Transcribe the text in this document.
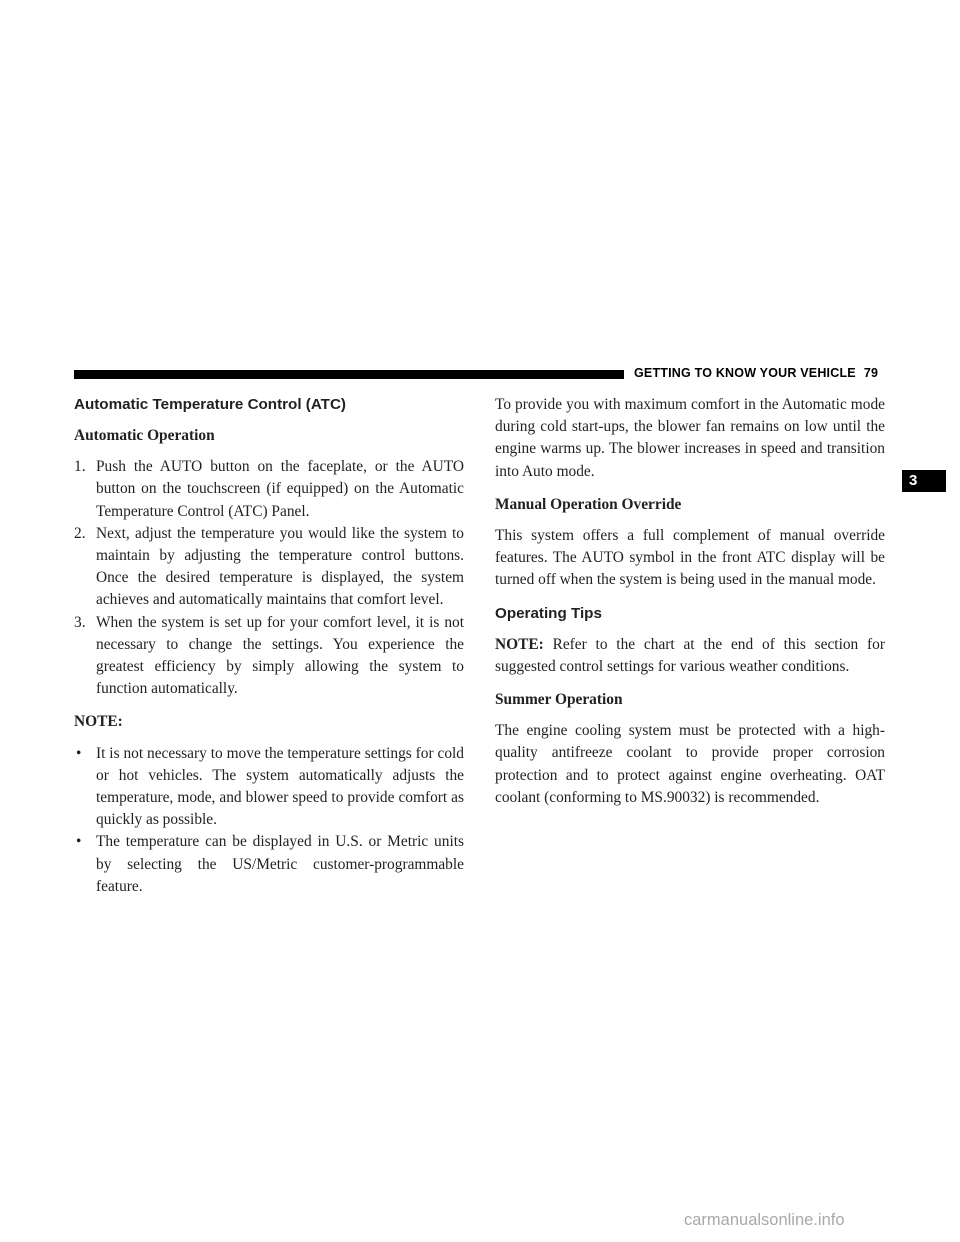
GETTING TO KNOW YOUR VEHICLE 79
3
Automatic Temperature Control (ATC)
Automatic Operation

1. Push the AUTO button on the faceplate, or the AUTO button on the touchscreen (if equipped) on the Automatic Temperature Control (ATC) Panel.

2. Next, adjust the temperature you would like the system to maintain by adjusting the temperature control buttons. Once the desired temperature is displayed, the system achieves and automatically maintains that comfort level.

3. When the system is set up for your comfort level, it is not necessary to change the settings. You experience the greatest efficiency by simply allowing the system to function automatically.

NOTE:

• It is not necessary to move the temperature settings for cold or hot vehicles. The system automatically adjusts the temperature, mode, and blower speed to provide comfort as quickly as possible.

• The temperature can be displayed in U.S. or Metric units by selecting the US/Metric customer-programmable feature.

To provide you with maximum comfort in the Automatic mode during cold start-ups, the blower fan remains on low until the engine warms up. The blower increases in speed and transition into Auto mode.

Manual Operation Override

This system offers a full complement of manual override features. The AUTO symbol in the front ATC display will be turned off when the system is being used in the manual mode.

Operating Tips

NOTE: Refer to the chart at the end of this section for suggested control settings for various weather conditions.

Summer Operation

The engine cooling system must be protected with a high-quality antifreeze coolant to provide proper corrosion protection and to protect against engine overheating. OAT coolant (conforming to MS.90032) is recommended.

carmanualsonline.info
